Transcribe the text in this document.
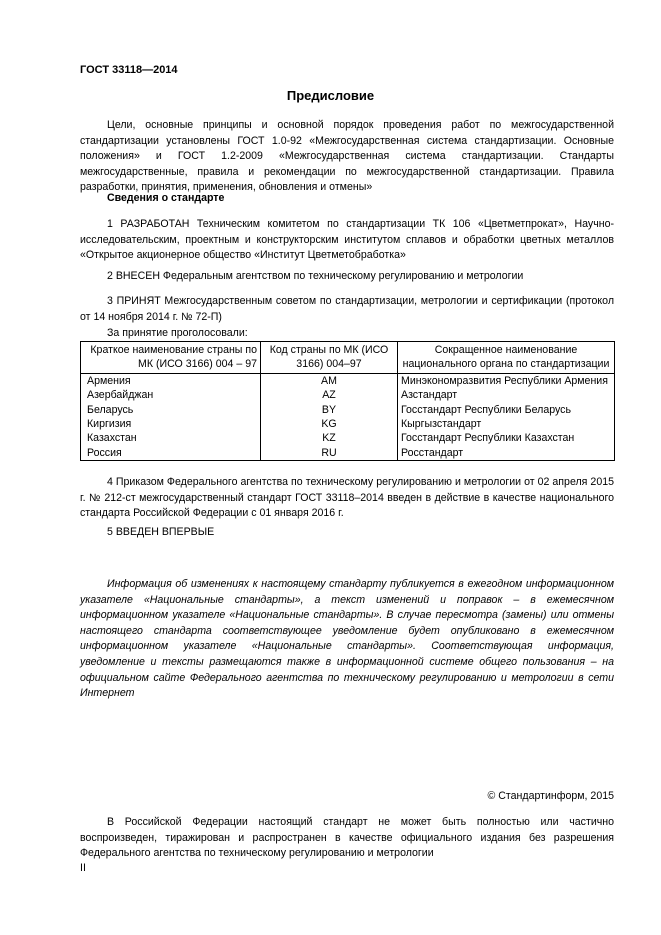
ГОСТ 33118—2014
Предисловие
Цели, основные принципы и основной порядок проведения работ по межгосударственной стандартизации установлены ГОСТ 1.0-92 «Межгосударственная система стандартизации. Основные положения» и ГОСТ 1.2-2009 «Межгосударственная система стандартизации. Стандарты межгосударственные, правила и рекомендации по межгосударственной стандартизации. Правила разработки, принятия, применения, обновления и отмены»
Сведения о стандарте
1 РАЗРАБОТАН Техническим комитетом по стандартизации ТК 106 «Цветметпрокат», Научно-исследовательским, проектным и конструкторским институтом сплавов и обработки цветных металлов «Открытое акционерное общество «Институт Цветметобработка»
2 ВНЕСЕН Федеральным агентством по техническому регулированию и метрологии
3 ПРИНЯТ Межгосударственным советом по стандартизации, метрологии и сертификации (протокол от 14 ноября 2014 г. № 72-П)
За принятие проголосовали:
Краткое наименование страны по МК (ИСО 3166) 004 – 97	Код страны по МК (ИСО 3166) 004–97	Сокращенное наименование национального органа по стандартизации
Армения	AM	Минэкономразвития Республики Армения
Азербайджан	AZ	Азстандарт
Беларусь	BY	Госстандарт Республики Беларусь
Киргизия	KG	Кыргызстандарт
Казахстан	KZ	Госстандарт Республики Казахстан
Россия	RU	Росстандарт
4 Приказом Федерального агентства по техническому регулированию и метрологии от 02 апреля 2015 г. № 212-ст межгосударственный стандарт ГОСТ 33118–2014 введен в действие в качестве национального стандарта Российской Федерации с 01 января 2016 г.
5 ВВЕДЕН ВПЕРВЫЕ
Информация об изменениях к настоящему стандарту публикуется в ежегодном информационном указателе «Национальные стандарты», а текст изменений и поправок – в ежемесячном информационном указателе «Национальные стандарты». В случае пересмотра (замены) или отмены настоящего стандарта соответствующее уведомление будет опубликовано в ежемесячном информационном указателе «Национальные стандарты». Соответствующая информация, уведомление и тексты размещаются также в информационной системе общего пользования – на официальном сайте Федерального агентства по техническому регулированию и метрологии в сети Интернет
© Стандартинформ, 2015
В Российской Федерации настоящий стандарт не может быть полностью или частично воспроизведен, тиражирован и распространен в качестве официального издания без разрешения Федерального агентства по техническому регулированию и метрологии
II
